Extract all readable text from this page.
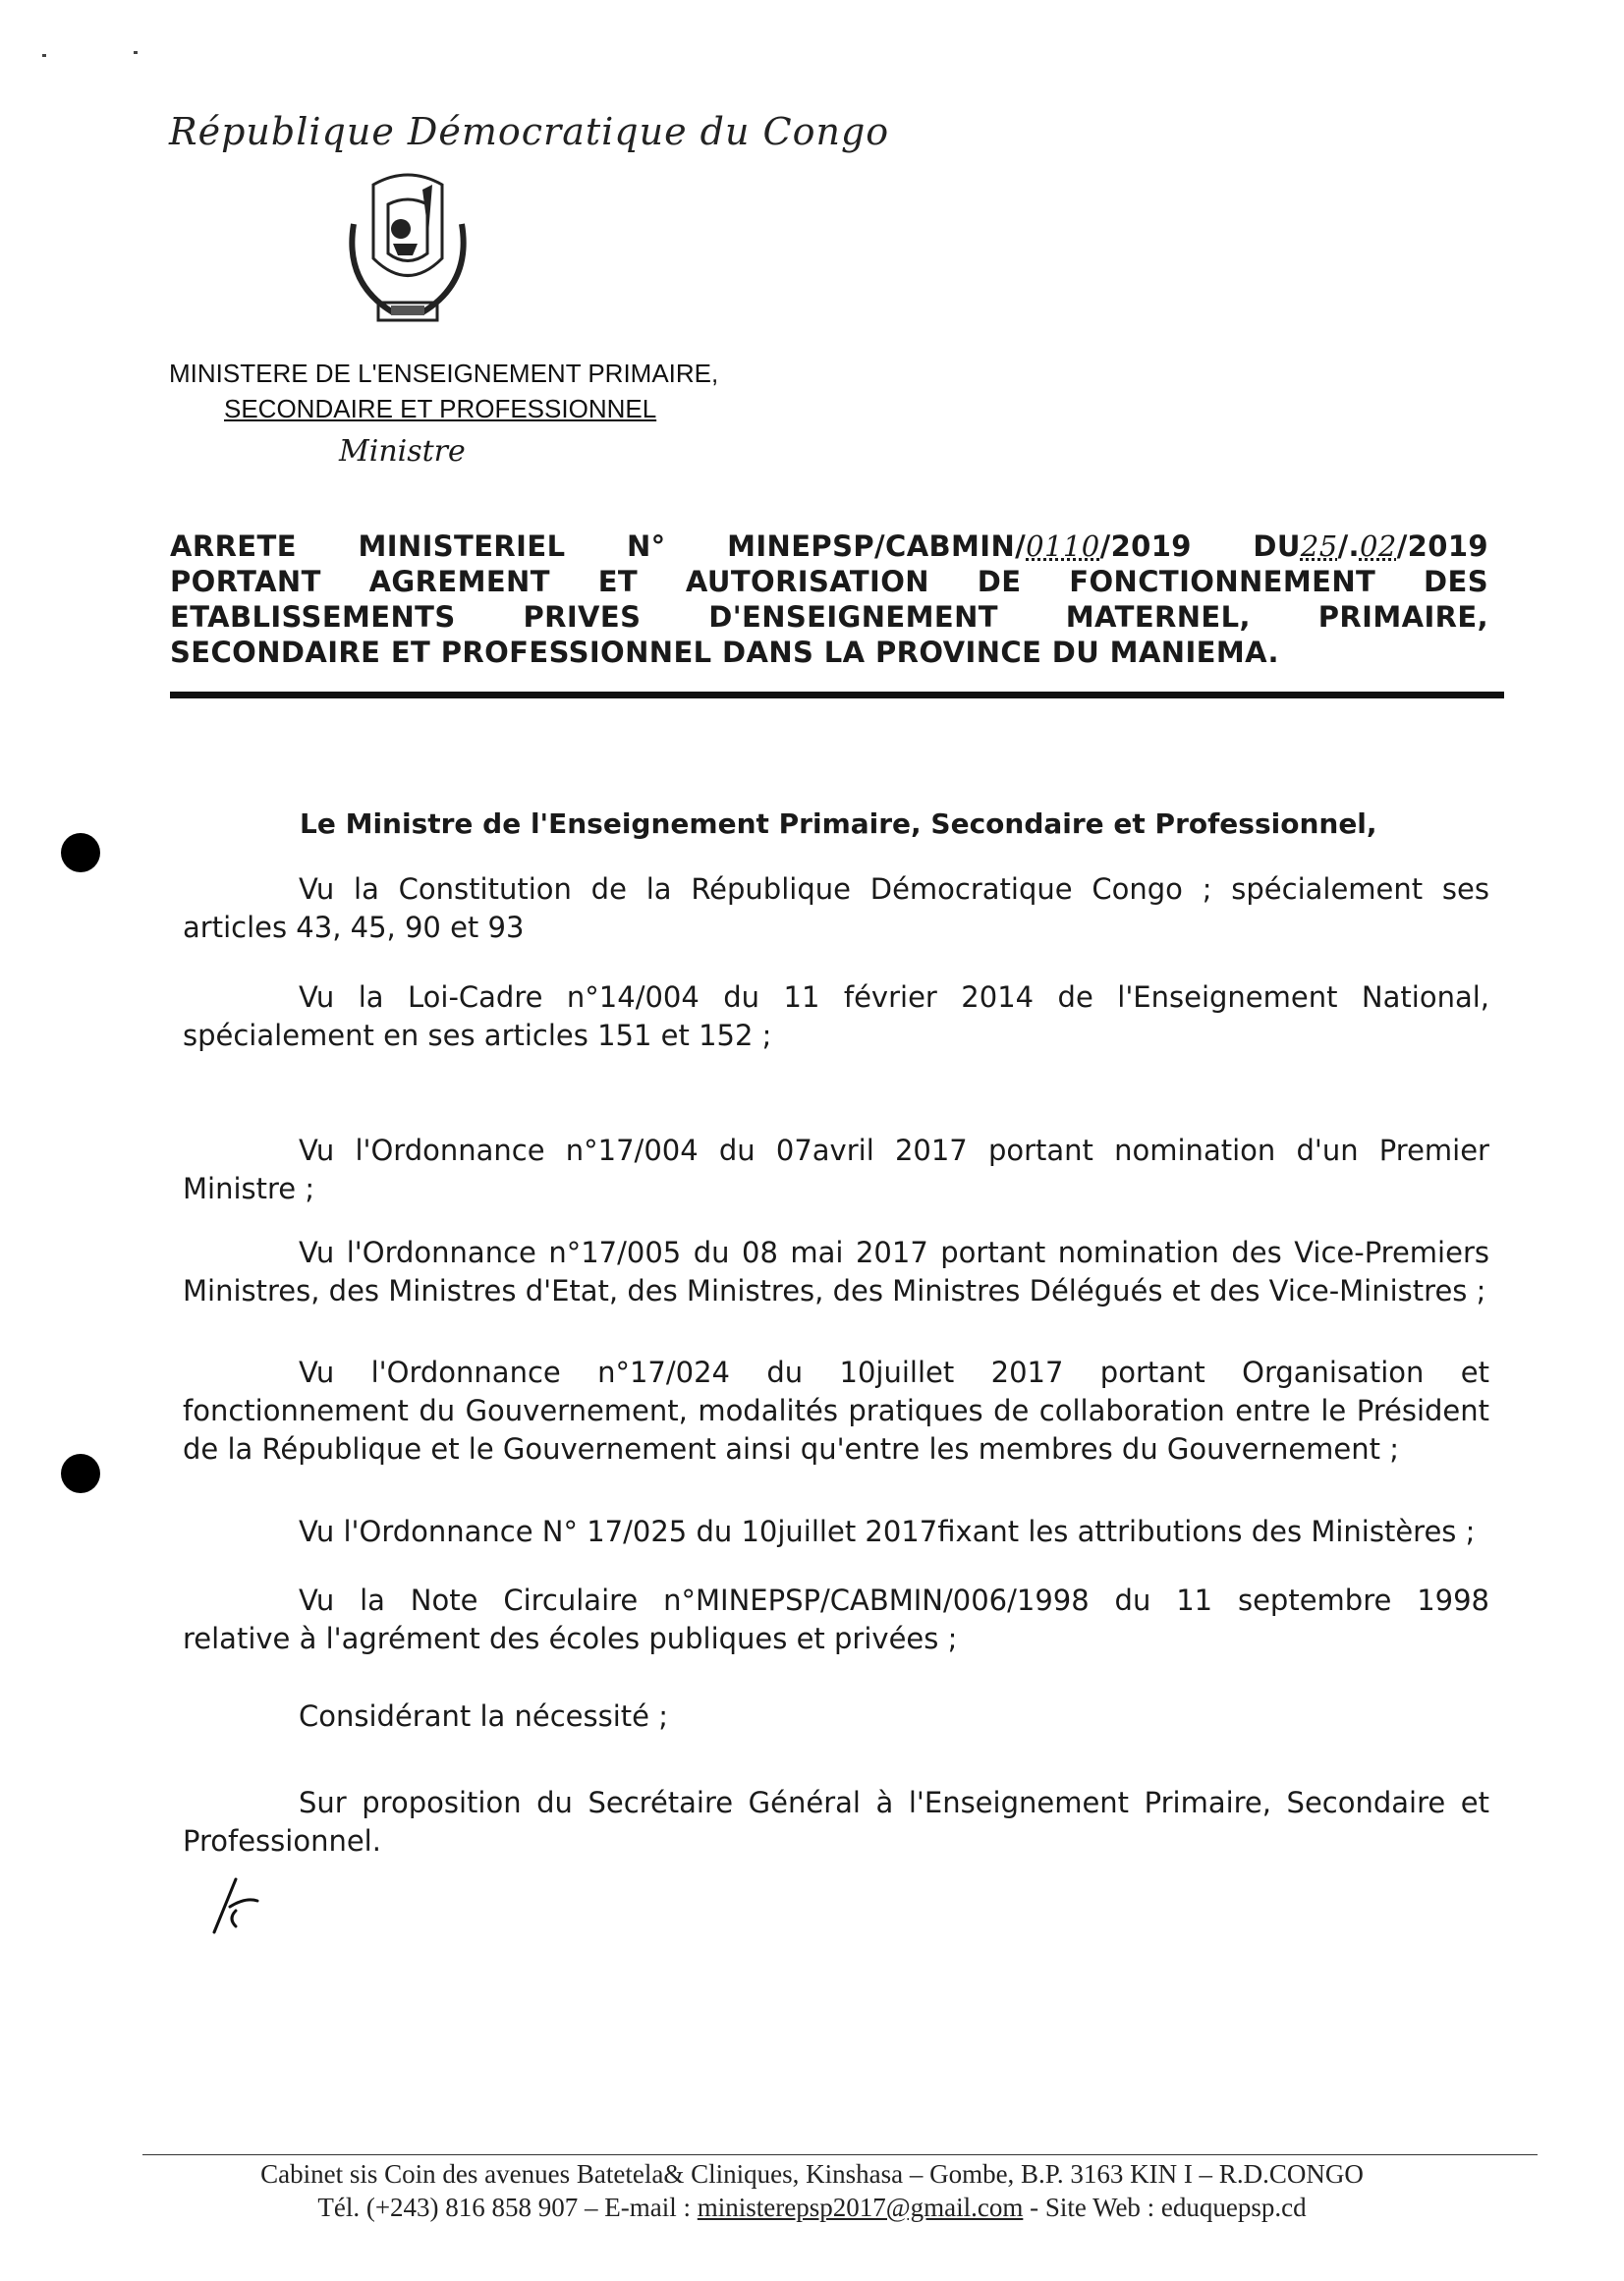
République Démocratique du Congo
MINISTERE DE L'ENSEIGNEMENT PRIMAIRE,
SECONDAIRE ET PROFESSIONNEL
Ministre
ARRETE MINISTERIEL N° MINEPSP/CABMIN/0110/2019 DU25/.02/2019
PORTANT AGREMENT ET AUTORISATION DE FONCTIONNEMENT DES
ETABLISSEMENTS PRIVES D'ENSEIGNEMENT MATERNEL, PRIMAIRE,
SECONDAIRE ET PROFESSIONNEL DANS LA PROVINCE DU MANIEMA.
Le Ministre de l'Enseignement Primaire, Secondaire et Professionnel,
Vu la Constitution de la République Démocratique Congo ; spécialement ses
articles 43, 45, 90 et 93
Vu la Loi-Cadre n°14/004 du 11 février 2014 de l'Enseignement National,
spécialement en ses articles 151 et 152 ;
Vu l'Ordonnance n°17/004 du 07avril 2017 portant nomination d'un Premier
Ministre ;
Vu l'Ordonnance n°17/005 du 08 mai 2017 portant nomination des Vice-Premiers
Ministres, des Ministres d'Etat, des Ministres, des Ministres Délégués et des Vice-Ministres ;
Vu l'Ordonnance n°17/024 du 10juillet 2017 portant Organisation et
fonctionnement du Gouvernement, modalités pratiques de collaboration entre le Président
de la République et le Gouvernement ainsi qu'entre les membres du Gouvernement ;
Vu l'Ordonnance N° 17/025 du 10juillet 2017fixant les attributions des Ministères ;
Vu la Note Circulaire n°MINEPSP/CABMIN/006/1998 du 11 septembre 1998
relative à l'agrément des écoles publiques et privées ;
Considérant la nécessité ;
Sur proposition du Secrétaire Général à l'Enseignement Primaire, Secondaire et
Professionnel.
Cabinet sis Coin des avenues Batetela& Cliniques, Kinshasa – Gombe, B.P. 3163 KIN I – R.D.CONGO
Tél. (+243) 816 858 907 – E-mail : ministerepsp2017@gmail.com - Site Web : eduquepsp.cd
